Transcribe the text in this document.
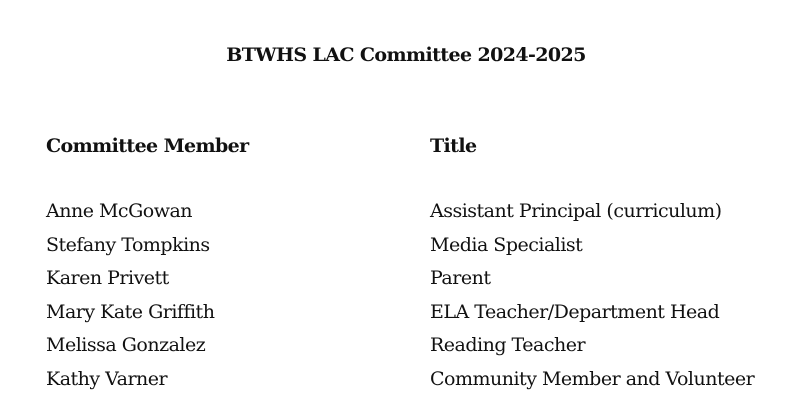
BTWHS LAC Committee 2024-2025
Committee Member
Anne McGowan
Stefany Tompkins
Karen Privett
Mary Kate Griffith
Melissa Gonzalez
Kathy Varner
Title
Assistant Principal (curriculum)
Media Specialist
Parent
ELA Teacher/Department Head
Reading Teacher
Community Member and Volunteer
